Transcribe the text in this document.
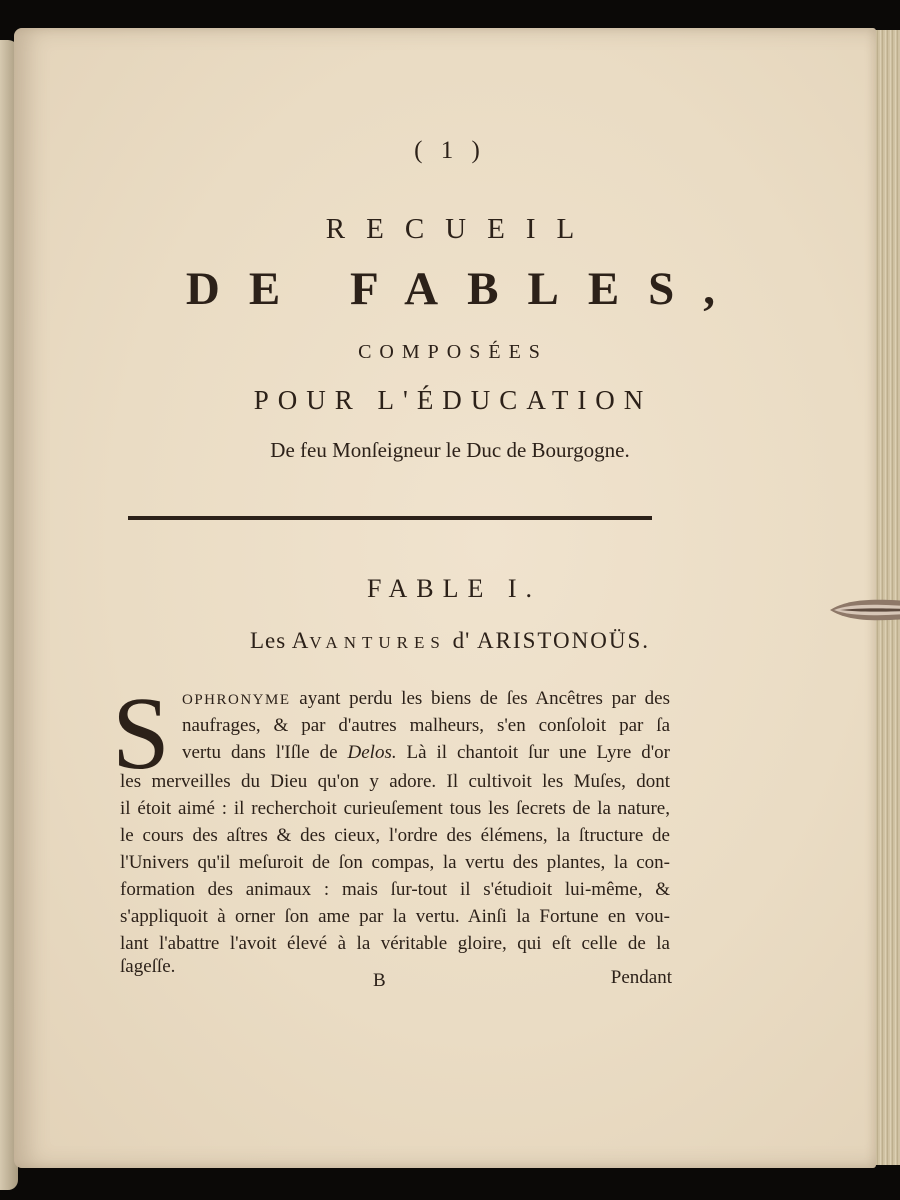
( 1 )
RECUEIL
DE FABLES,
COMPOSÉES
POUR L'ÉDUCATION
De feu Monſeigneur le Duc de Bourgogne.
FABLE I.
Les AVANTURES d' ARISTONOÜS.
S OPHRONYME ayant perdu les biens de ſes Ancêtres par des
naufrages, & par d'autres malheurs, s'en conſoloit par ſa
vertu dans l'Iſle de Delos. Là il chantoit ſur une Lyre d'or
les merveilles du Dieu qu'on y adore. Il cultivoit les Muſes, dont
il étoit aimé : il recherchoit curieuſement tous les ſecrets de la nature,
le cours des aſtres & des cieux, l'ordre des élémens, la ſtructure de
l'Univers qu'il meſuroit de ſon compas, la vertu des plantes, la con-
formation des animaux : mais ſur-tout il s'étudioit lui-même, &
s'appliquoit à orner ſon ame par la vertu. Ainſi la Fortune en vou-
lant l'abattre l'avoit élevé à la véritable gloire, qui eſt celle de la
ſageſſe.
B	Pendant
